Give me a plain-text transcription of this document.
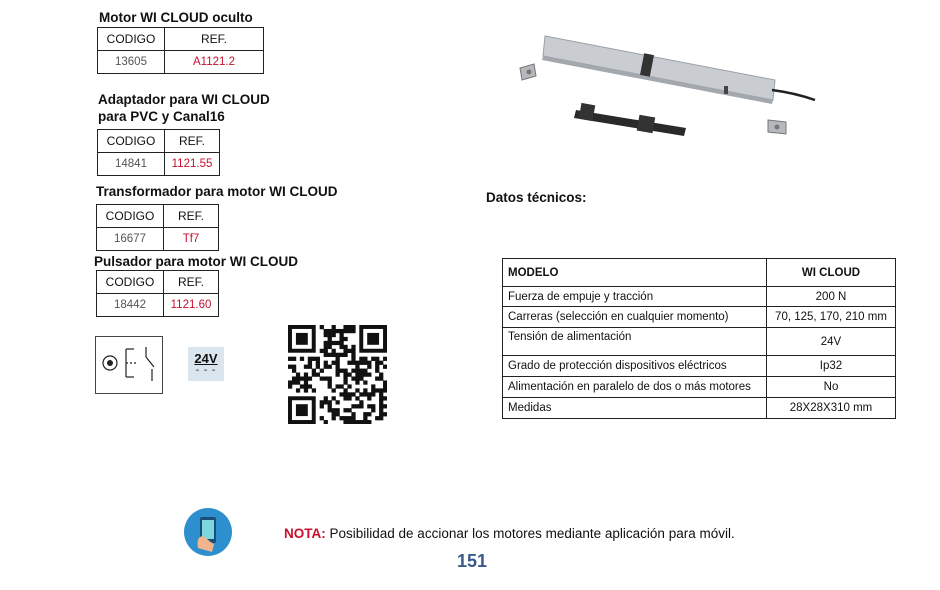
Motor WI CLOUD oculto
CODIGO	REF.
13605	A1121.2
Adaptador para WI CLOUD
para PVC y Canal16
CODIGO	REF.
14841	1121.55
Transformador para motor WI CLOUD
CODIGO	REF.
16677	Tf7
Pulsador para motor WI CLOUD
CODIGO	REF.
18442	1121.60
24V
- - -
Datos técnicos:
MODELO	WI CLOUD
Fuerza de empuje y tracción	200 N
Carreras (selección en cualquier momento)	70, 125, 170, 210 mm
Tensión de alimentación	24V
Grado de protección dispositivos eléctricos	Ip32
Alimentación en paralelo de dos o más motores	No
Medidas	28X28X310 mm
NOTA: Posibilidad de accionar los motores mediante aplicación para móvil.
151
